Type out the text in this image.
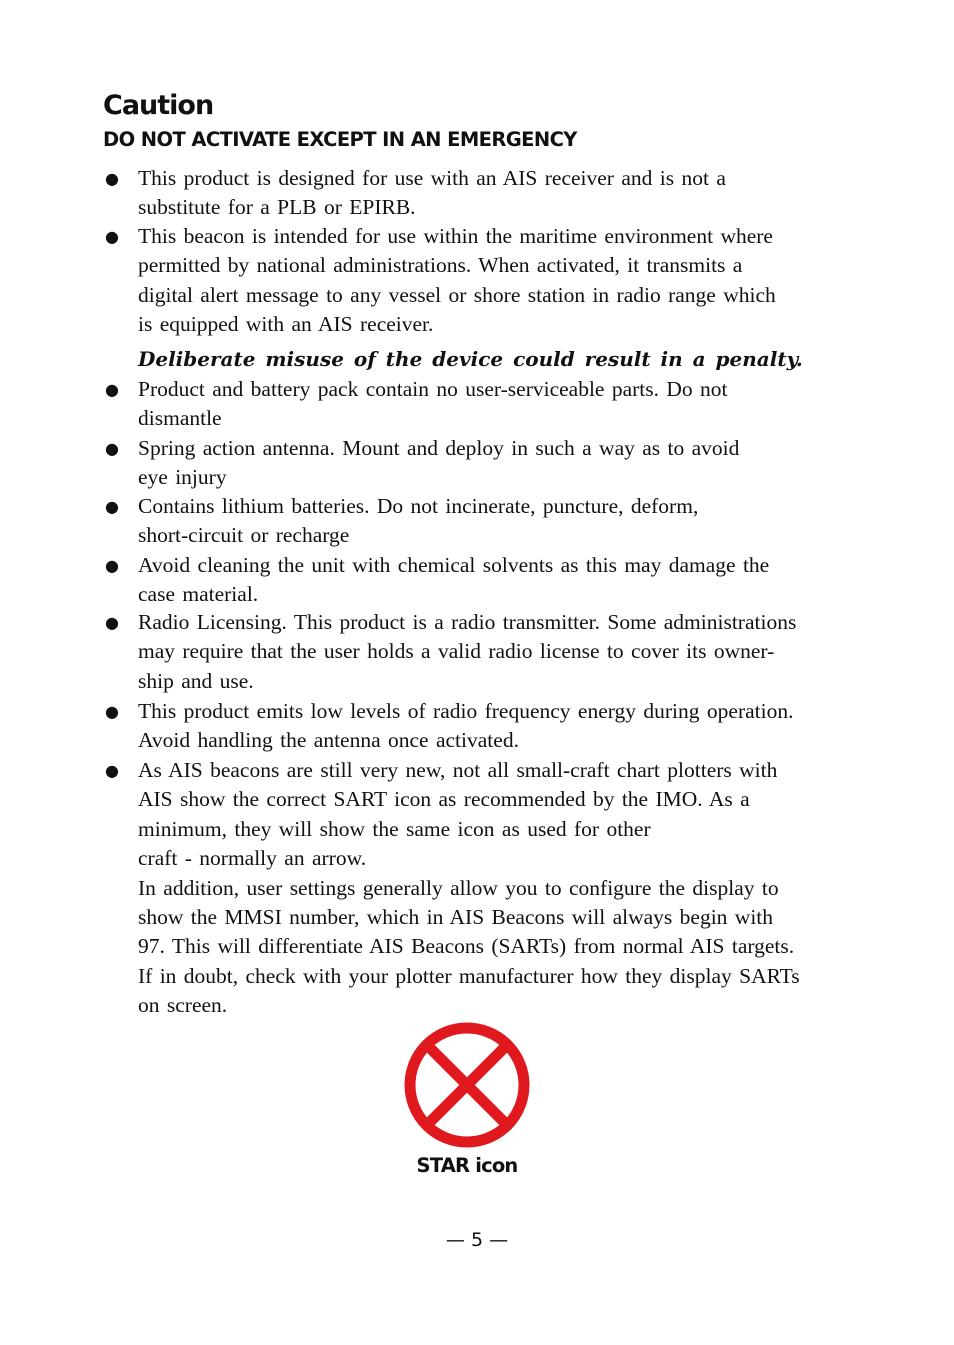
Caution
DO NOT ACTIVATE EXCEPT IN AN EMERGENCY
● This product is designed for use with an AIS receiver and is not a
substitute for a PLB or EPIRB.

● This beacon is intended for use within the maritime environment where
permitted by national administrations. When activated, it transmits a
digital alert message to any vessel or shore station in radio range which
is equipped with an AIS receiver.

Deliberate misuse of the device could result in a penalty.

● Product and battery pack contain no user-serviceable parts. Do not
dismantle

● Spring action antenna. Mount and deploy in such a way as to avoid
eye injury

● Contains lithium batteries. Do not incinerate, puncture, deform,
short-circuit or recharge

● Avoid cleaning the unit with chemical solvents as this may damage the
case material.

● Radio Licensing. This product is a radio transmitter. Some administrations
may require that the user holds a valid radio license to cover its owner-
ship and use.

● This product emits low levels of radio frequency energy during operation.
Avoid handling the antenna once activated.

● As AIS beacons are still very new, not all small-craft chart plotters with
AIS show the correct SART icon as recommended by the IMO. As a
minimum, they will show the same icon as used for other
craft - normally an arrow.
In addition, user settings generally allow you to configure the display to
show the MMSI number, which in AIS Beacons will always begin with
97. This will differentiate AIS Beacons (SARTs) from normal AIS targets.
If in doubt, check with your plotter manufacturer how they display SARTs
on screen.

STAR icon

— 5 —
